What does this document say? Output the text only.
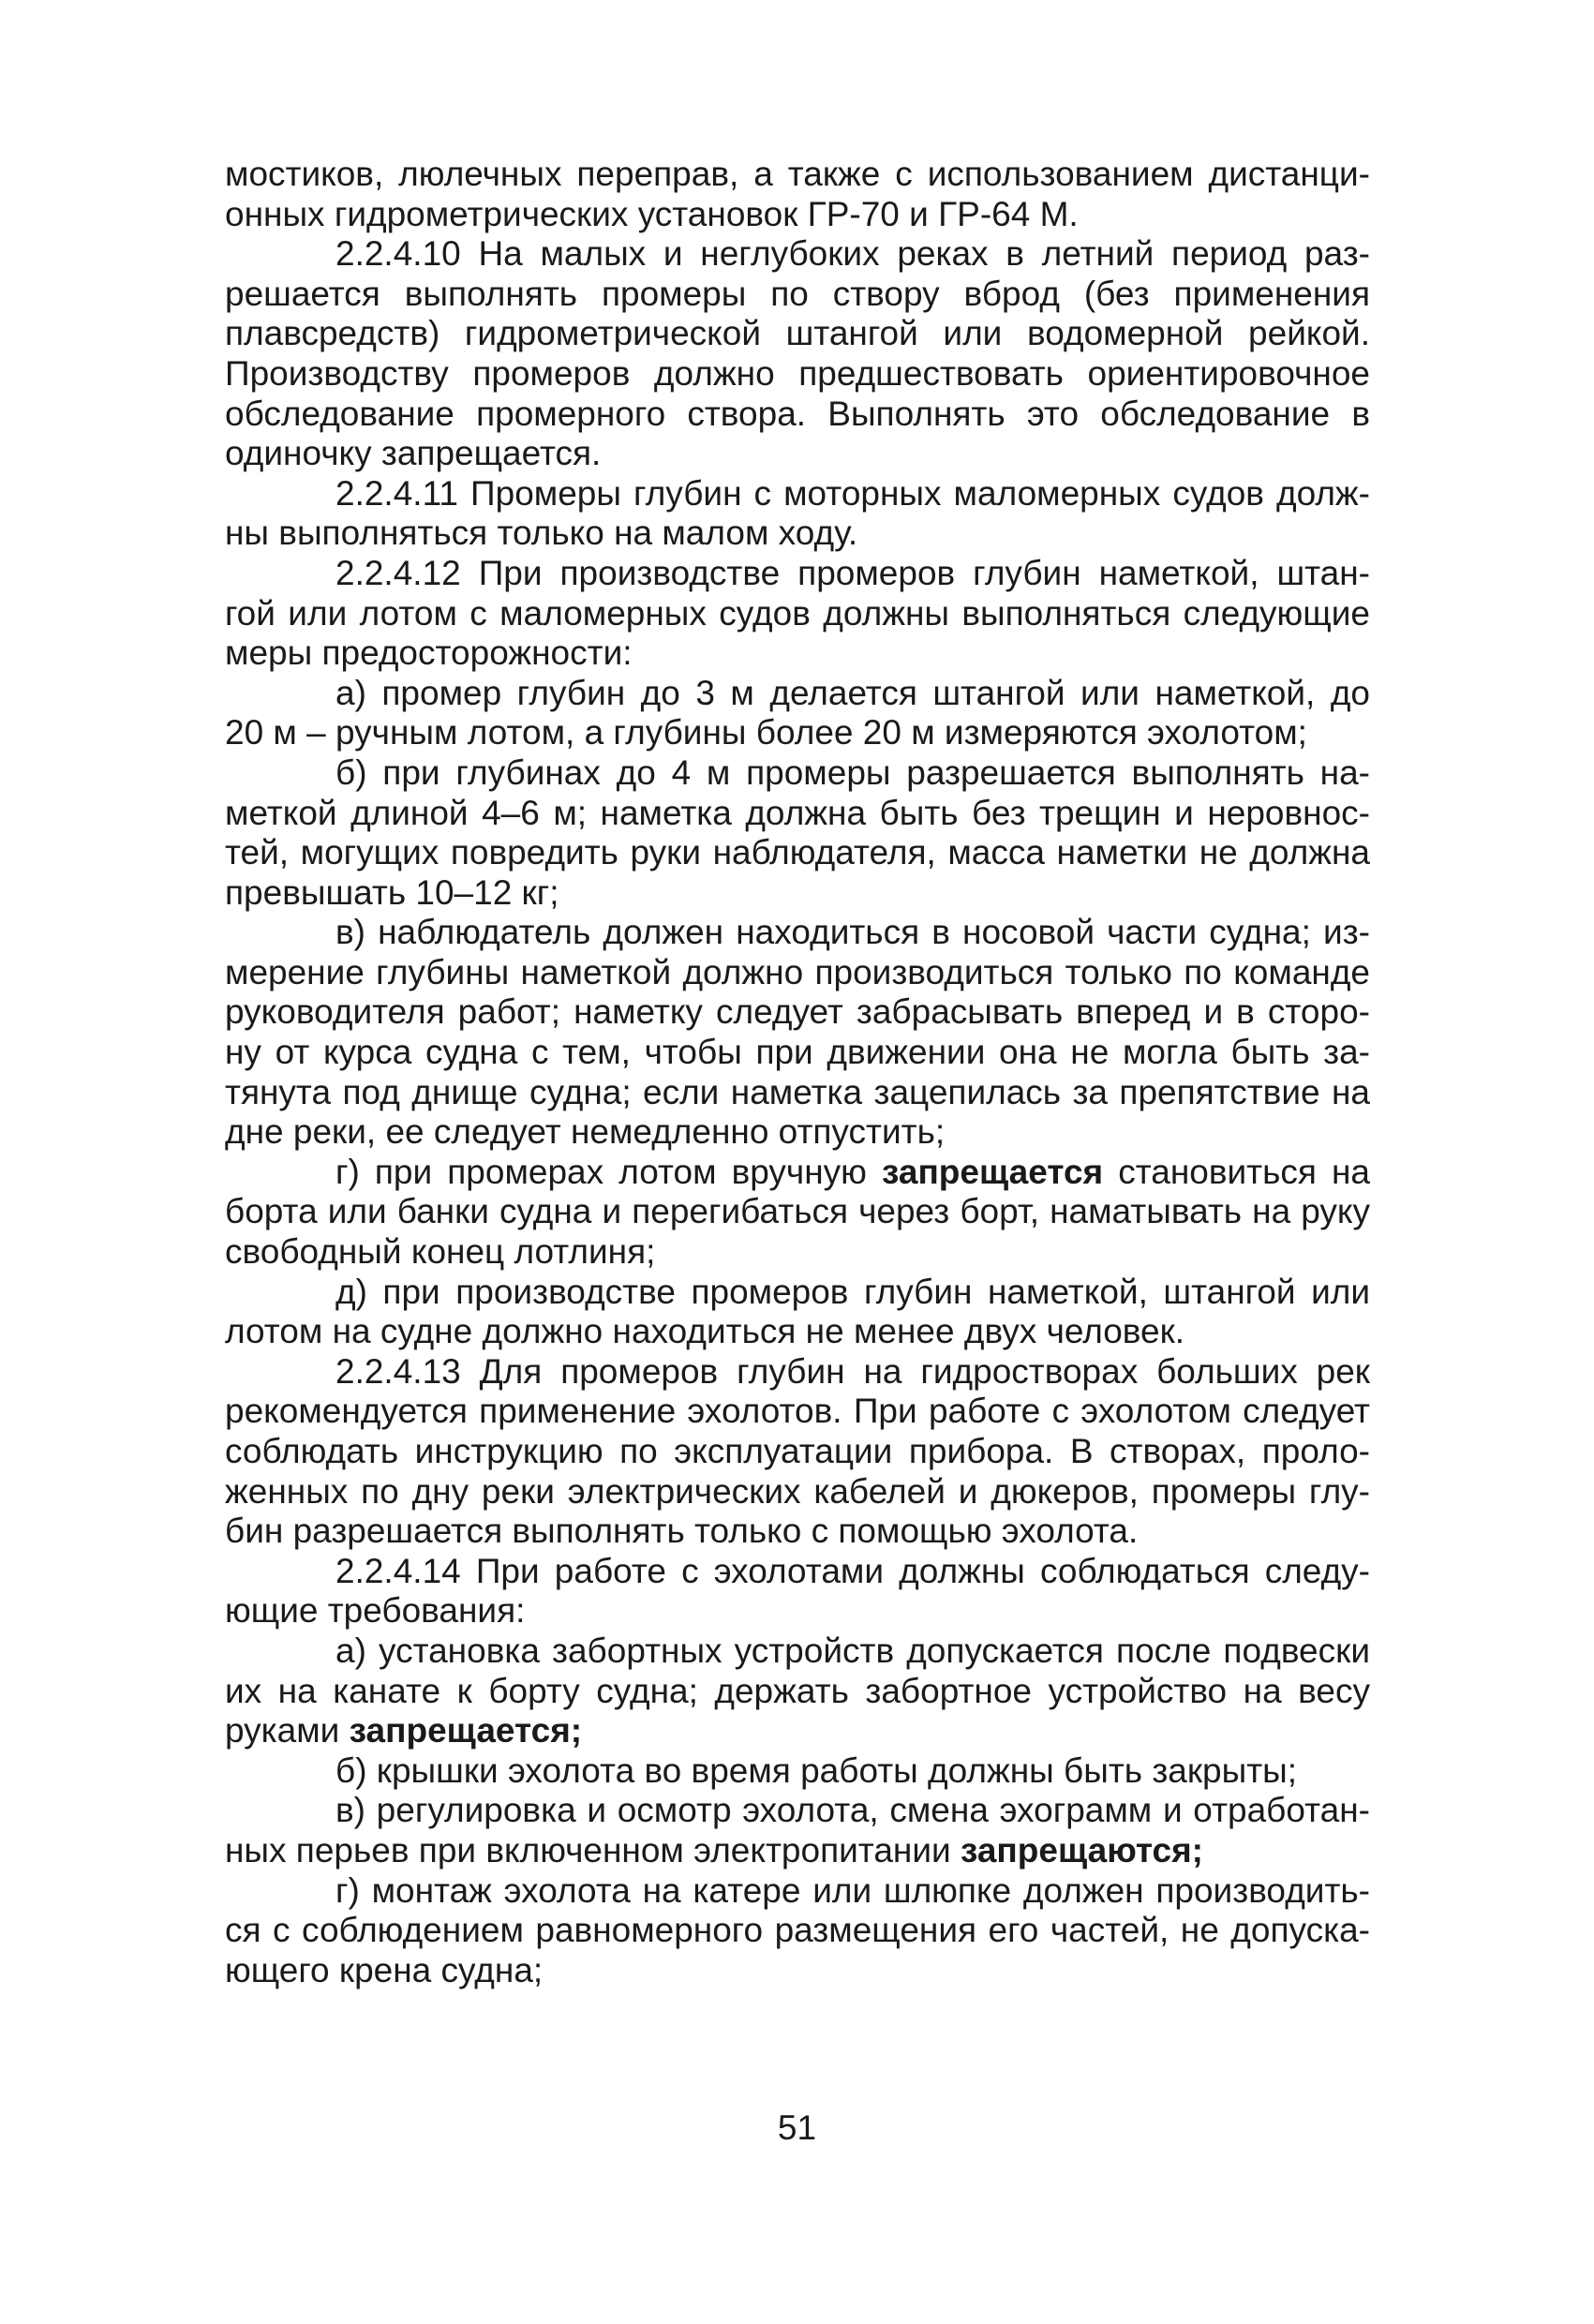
мостиков, люлечных переправ, а также с использованием дистанци-
онных гидрометрических установок ГР-70 и ГР-64 М.
2.2.4.10 На малых и неглубоких реках в летний период раз-
решается выполнять промеры по створу вброд (без применения
плавсредств) гидрометрической штангой или водомерной рейкой.
Производству промеров должно предшествовать ориентировочное
обследование промерного створа. Выполнять это обследование в
одиночку запрещается.
2.2.4.11 Промеры глубин с моторных маломерных судов долж-
ны выполняться только на малом ходу.
2.2.4.12 При производстве промеров глубин наметкой, штан-
гой или лотом с маломерных судов должны выполняться следующие
меры предосторожности:
а) промер глубин до 3 м делается штангой или наметкой, до
20 м – ручным лотом, а глубины более 20 м измеряются эхолотом;
б) при глубинах до 4 м промеры разрешается выполнять на-
меткой длиной 4–6 м; наметка должна быть без трещин и неровнос-
тей, могущих повредить руки наблюдателя, масса наметки не должна
превышать 10–12 кг;
в) наблюдатель должен находиться в носовой части судна; из-
мерение глубины наметкой должно производиться только по команде
руководителя работ; наметку следует забрасывать вперед и в сторо-
ну от курса судна с тем, чтобы при движении она не могла быть за-
тянута под днище судна; если наметка зацепилась за препятствие на
дне реки, ее следует немедленно отпустить;
г) при промерах лотом вручную запрещается становиться на
борта или банки судна и перегибаться через борт, наматывать на руку
свободный конец лотлиня;
д) при производстве промеров глубин наметкой, штангой или
лотом на судне должно находиться не менее двух человек.
2.2.4.13 Для промеров глубин на гидростворах больших рек
рекомендуется применение эхолотов. При работе с эхолотом следует
соблюдать инструкцию по эксплуатации прибора. В створах, проло-
женных по дну реки электрических кабелей и дюкеров, промеры глу-
бин разрешается выполнять только с помощью эхолота.
2.2.4.14 При работе с эхолотами должны соблюдаться следу-
ющие требования:
а) установка забортных устройств допускается после подвески
их на канате к борту судна; держать забортное устройство на весу
руками запрещается;
б) крышки эхолота во время работы должны быть закрыты;
в) регулировка и осмотр эхолота, смена эхограмм и отработан-
ных перьев при включенном электропитании запрещаются;
г) монтаж эхолота на катере или шлюпке должен производить-
ся с соблюдением равномерного размещения его частей, не допуска-
ющего крена судна;
51
